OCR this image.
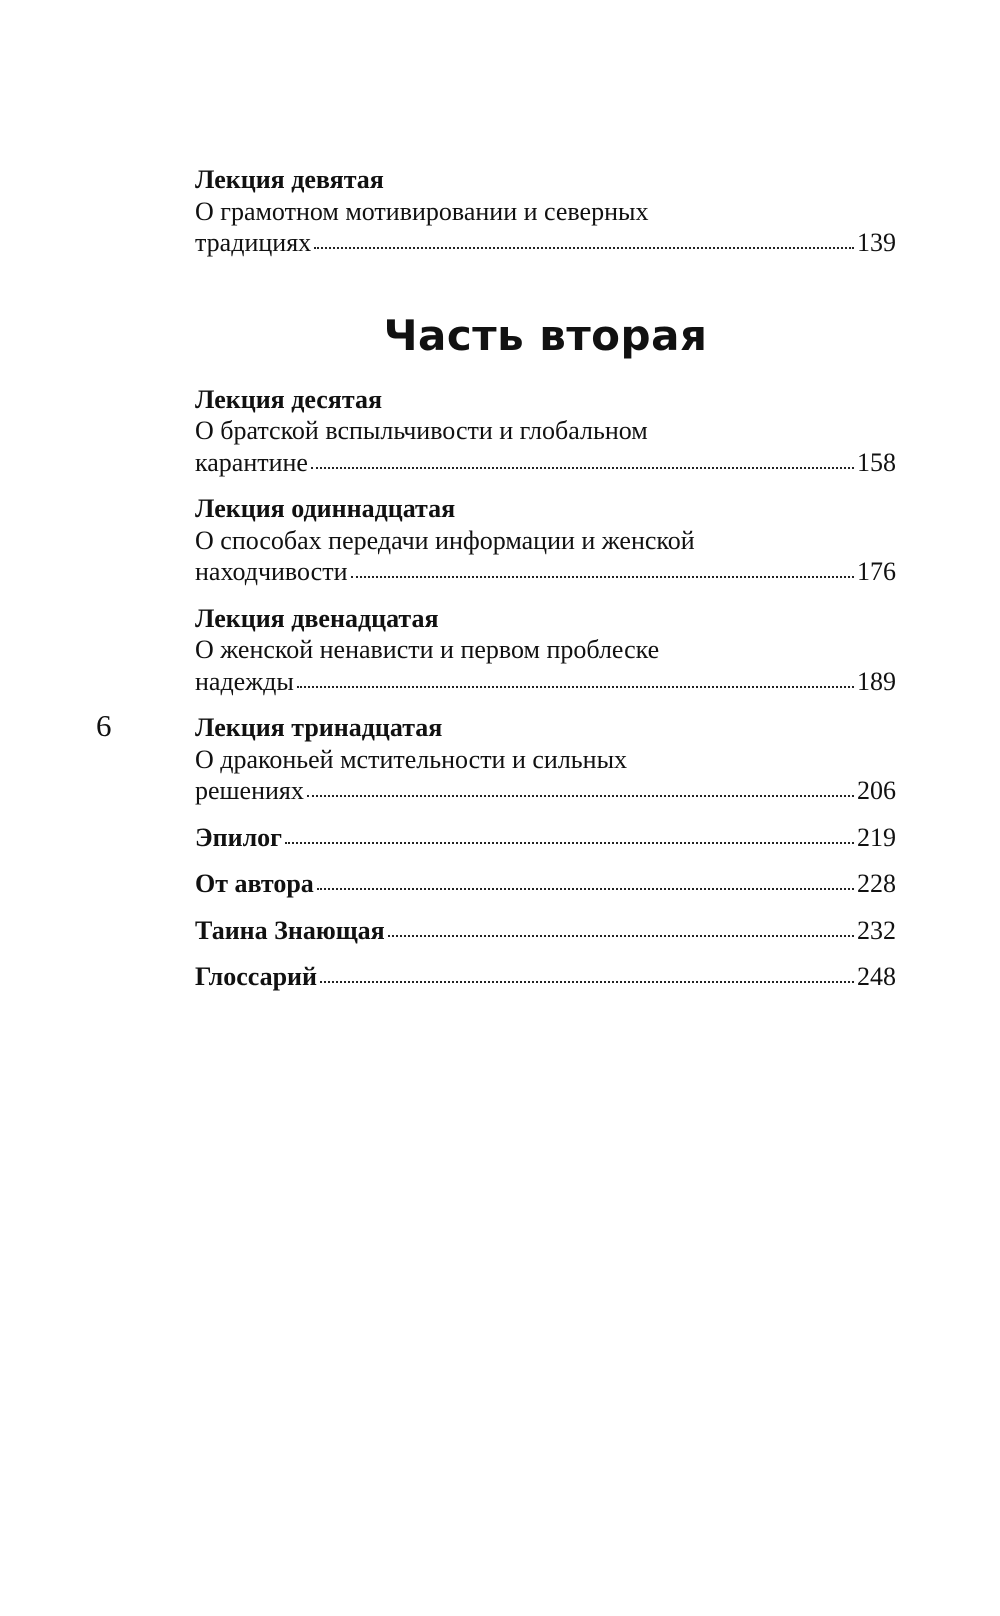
6
Лекция девятая
О грамотном мотивировании и северных
традициях	139
Часть вторая
Лекция десятая
О братской вспыльчивости и глобальном
карантине	158
Лекция одиннадцатая
О способах передачи информации и женской
находчивости	176
Лекция двенадцатая
О женской ненависти и первом проблеске
надежды	189
Лекция тринадцатая
О драконьей мстительности и сильных
решениях	206
Эпилог	219
От автора	228
Таина Знающая	232
Глоссарий	248
